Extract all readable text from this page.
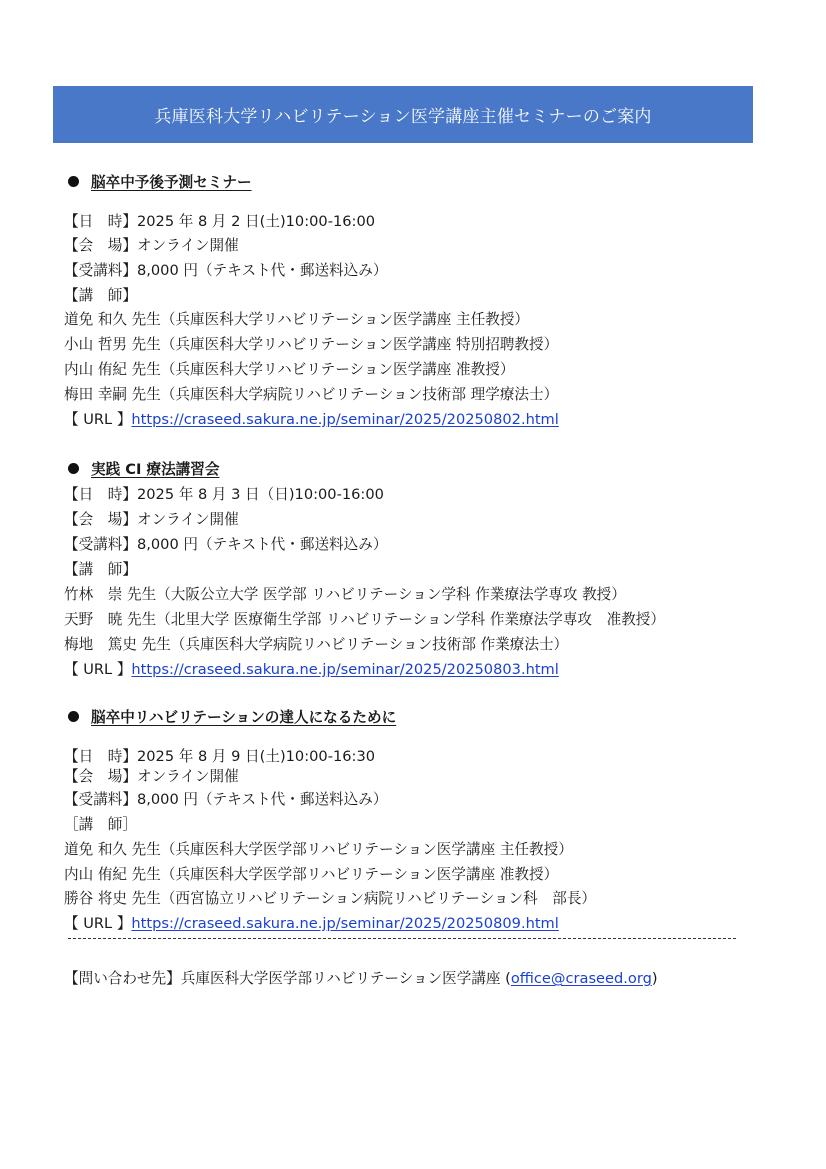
兵庫医科大学リハビリテーション医学講座主催セミナーのご案内
脳卒中予後予測セミナー
【日　時】2025 年 8 月 2 日(土)10:00-16:00
【会　場】オンライン開催
【受講料】8,000 円（テキスト代・郵送料込み）
【講　師】
道免 和久 先生（兵庫医科大学リハビリテーション医学講座 主任教授）
小山 哲男 先生（兵庫医科大学リハビリテーション医学講座 特別招聘教授）
内山 侑紀 先生（兵庫医科大学リハビリテーション医学講座 准教授）
梅田 幸嗣 先生（兵庫医科大学病院リハビリテーション技術部 理学療法士）
【 URL 】https://craseed.sakura.ne.jp/seminar/2025/20250802.html
実践 CI 療法講習会
【日　時】2025 年 8 月 3 日（日)10:00-16:00
【会　場】オンライン開催
【受講料】8,000 円（テキスト代・郵送料込み）
【講　師】
竹林　崇 先生（大阪公立大学 医学部 リハビリテーション学科 作業療法学専攻 教授）
天野　暁 先生（北里大学 医療衛生学部 リハビリテーション学科 作業療法学専攻　准教授）
梅地　篤史 先生（兵庫医科大学病院リハビリテーション技術部 作業療法士）
【 URL 】https://craseed.sakura.ne.jp/seminar/2025/20250803.html
脳卒中リハビリテーションの達人になるために
【日　時】2025 年 8 月 9 日(土)10:00-16:30
【会　場】オンライン開催
【受講料】8,000 円（テキスト代・郵送料込み）
［講　師］
道免 和久 先生（兵庫医科大学医学部リハビリテーション医学講座 主任教授）
内山 侑紀 先生（兵庫医科大学医学部リハビリテーション医学講座 准教授）
勝谷 将史 先生（西宮協立リハビリテーション病院リハビリテーション科　部長）
【 URL 】https://craseed.sakura.ne.jp/seminar/2025/20250809.html
【問い合わせ先】兵庫医科大学医学部リハビリテーション医学講座 (office@craseed.org)
